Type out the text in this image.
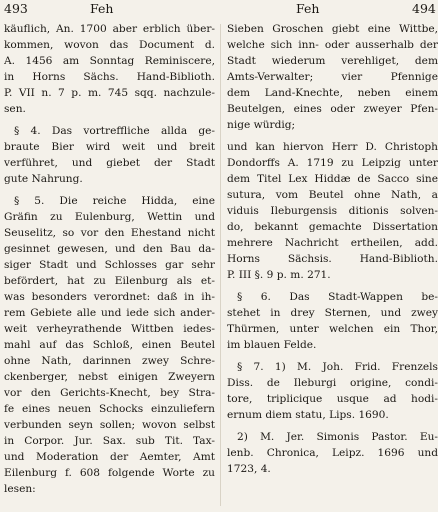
493	Feh	Feh	494

käuflich, An. 1700 aber erblich über-
kommen, wovon das Document d.
A. 1456 am Sonntag Reminiscere,
in Horns Sächs. Hand-Biblioth.
P. VII n. 7 p. m. 745 sqq. nachzule-
sen.

§ 4. Das vortreffliche allda ge-
braute Bier wird weit und breit
verführet, und giebet der Stadt
gute Nahrung.

§ 5. Die reiche Hidda, eine
Gräfin zu Eulenburg, Wettin und
Seuselitz, so vor den Ehestand nicht
gesinnet gewesen, und den Bau da-
siger Stadt und Schlosses gar sehr
befördert, hat zu Eilenburg als et-
was besonders verordnet: daß in ih-
rem Gebiete alle und iede sich ander-
weit verheyrathende Wittben iedes-
mahl auf das Schloß, einen Beutel
ohne Nath, darinnen zwey Schre-
ckenberger, nebst einigen Zweyern
vor den Gerichts-Knecht, bey Stra-
fe eines neuen Schocks einzuliefern
verbunden seyn sollen; wovon selbst
in Corpor. Jur. Sax. sub Tit. Tax-
und Moderation der Aemter, Amt
Eilenburg f. 608 folgende Worte zu
lesen:

Sieben Groschen giebt eine Wittbe,
welche sich inn- oder ausserhalb der
Stadt wiederum verehliget, dem
Amts-Verwalter; vier Pfennige
dem Land-Knechte, neben einem
Beutelgen, eines oder zweyer Pfen-
nige würdig;

und kan hiervon Herr D. Christoph
Dondorffs A. 1719 zu Leipzig unter
dem Titel Lex Hiddæ de Sacco sine
sutura, vom Beutel ohne Nath, a
viduis Ileburgensis ditionis solven-
do, bekannt gemachte Dissertation
mehrere Nachricht ertheilen, add.
Horns Sächsis. Hand-Biblioth.
P. III §. 9 p. m. 271.

§ 6. Das Stadt-Wappen be-
stehet in drey Sternen, und zwey
Thürmen, unter welchen ein Thor,
im blauen Felde.

§ 7. 1) M. Joh. Frid. Frenzels
Diss. de Ileburgi origine, condi-
tore, triplicique usque ad hodi-
ernum diem statu, Lips. 1690.

2) M. Jer. Simonis Pastor. Eu-
lenb. Chronica, Leipz. 1696 und
1723, 4.
